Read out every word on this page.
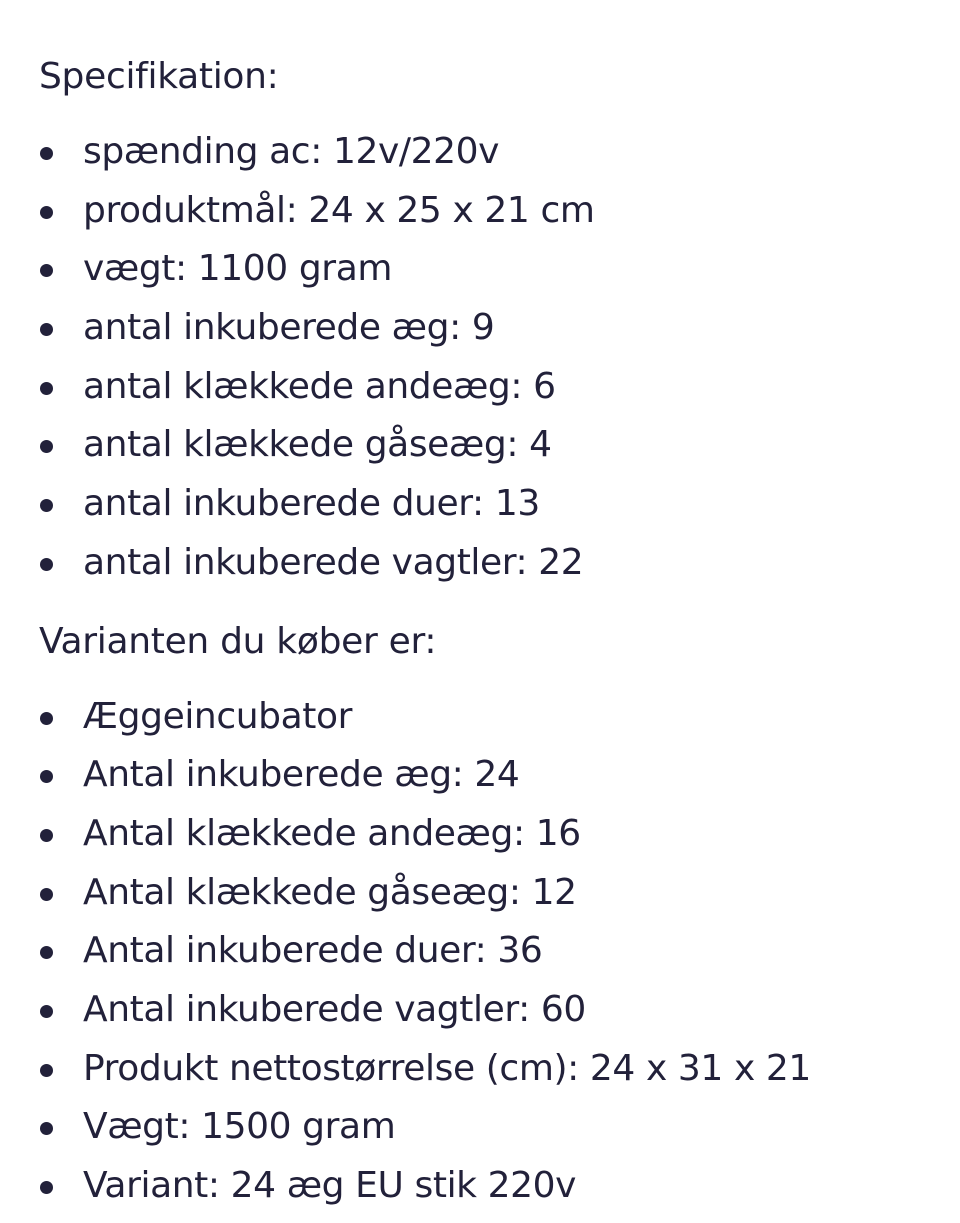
Specifikation:

spænding ac: 12v/220v
produktmål: 24 x 25 x 21 cm
vægt: 1100 gram
antal inkuberede æg: 9
antal klækkede andeæg: 6
antal klækkede gåseæg: 4
antal inkuberede duer: 13
antal inkuberede vagtler: 22

Varianten du køber er:

Æggeincubator
Antal inkuberede æg: 24
Antal klækkede andeæg: 16
Antal klækkede gåseæg: 12
Antal inkuberede duer: 36
Antal inkuberede vagtler: 60
Produkt nettostørrelse (cm): 24 x 31 x 21
Vægt: 1500 gram
Variant: 24 æg EU stik 220v
